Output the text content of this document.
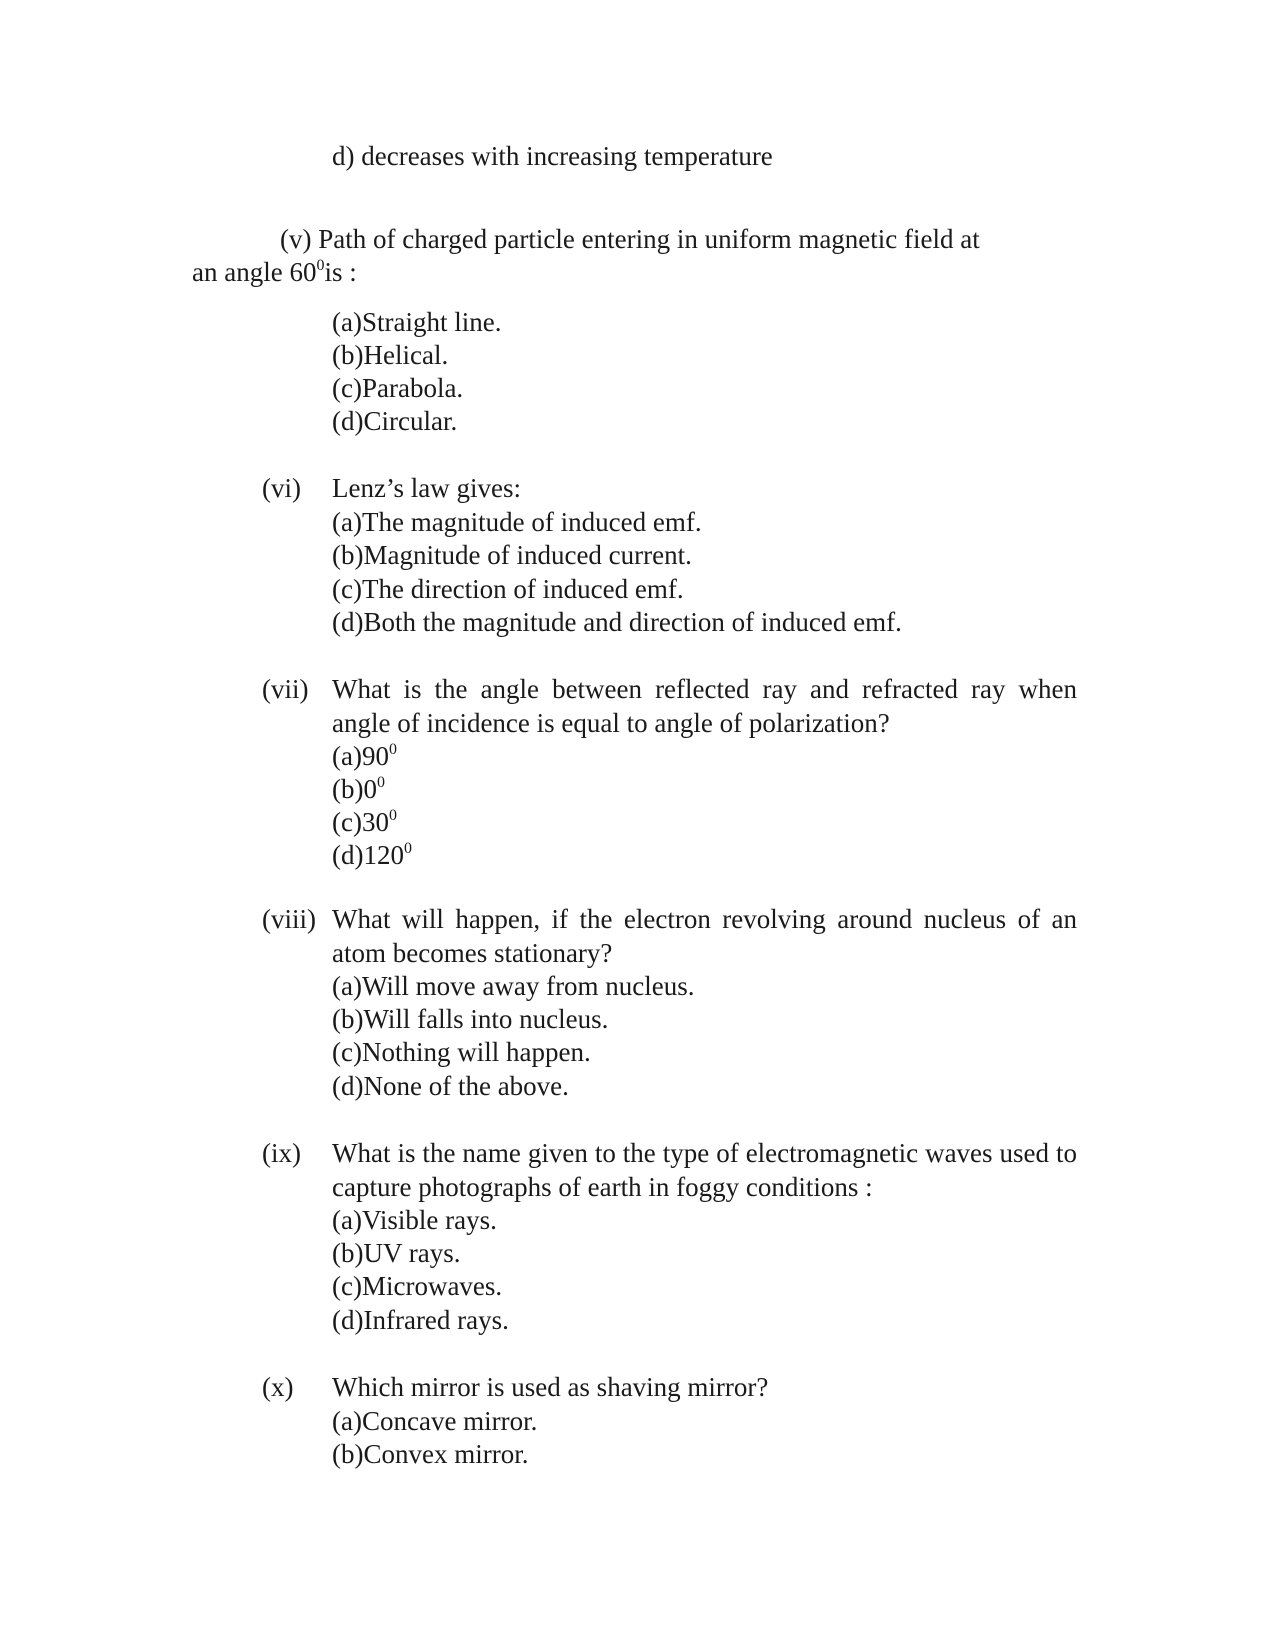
d) decreases with increasing temperature
(v) Path of charged particle entering in uniform magnetic field at
an angle $60^0is$ :
(a)Straight line.
(b)Helical.
(c)Parabola.
(d)Circular.
(vi) Lenz’s law gives:
(a)The magnitude of induced emf.
(b)Magnitude of induced current.
(c)The direction of induced emf.
(d)Both the magnitude and direction of induced emf.
(vii) What is the angle between reflected ray and refracted ray when angle of incidence is equal to angle of polarization?
$(a)90^0$
$(b)0^0$
$(c)30^0$
$(d)120^0$
(viii) What will happen, if the electron revolving around nucleus of an atom becomes stationary?
(a)Will move away from nucleus.
(b)Will falls into nucleus.
(c)Nothing will happen.
(d)None of the above.
(ix) What is the name given to the type of electromagnetic waves used to capture photographs of earth in foggy conditions :
(a)Visible rays.
(b)UV rays.
(c)Microwaves.
(d)Infrared rays.
(x) Which mirror is used as shaving mirror?
(a)Concave mirror.
(b)Convex mirror.
